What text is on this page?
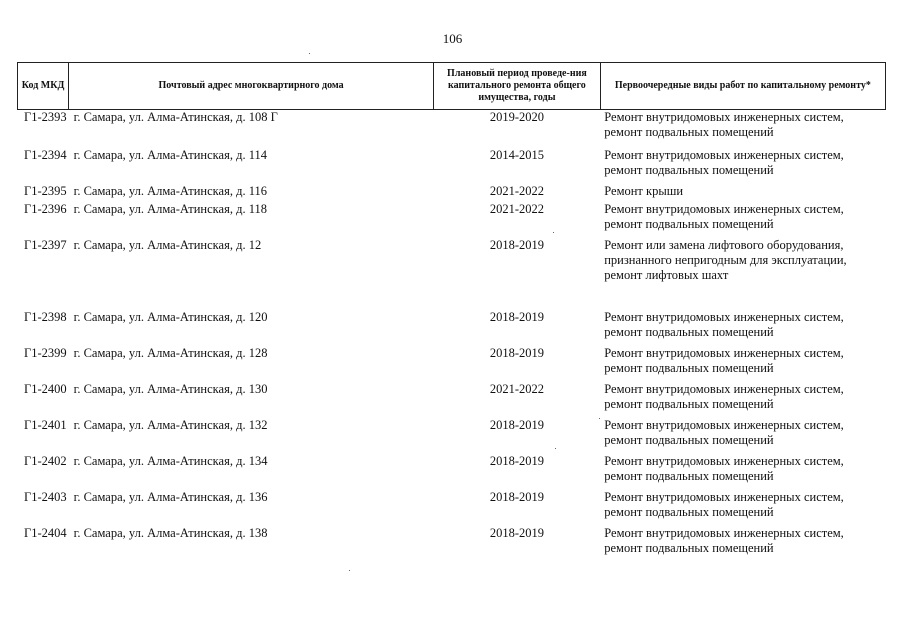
106
Код МКД	Почтовый адрес многоквартирного дома	Плановый период проведе-ния капитального ремонта общего имущества, годы	Первоочередные виды работ по капитальному ремонту*
Г1-2393	г. Самара, ул. Алма-Атинская, д. 108 Г	2019-2020	Ремонт внутридомовых инженерных систем, ремонт подвальных помещений
Г1-2394	г. Самара, ул. Алма-Атинская, д. 114	2014-2015	Ремонт внутридомовых инженерных систем, ремонт подвальных помещений
Г1-2395	г. Самара, ул. Алма-Атинская, д. 116	2021-2022	Ремонт крыши
Г1-2396	г. Самара, ул. Алма-Атинская, д. 118	2021-2022	Ремонт внутридомовых инженерных систем, ремонт подвальных помещений
Г1-2397	г. Самара, ул. Алма-Атинская, д. 12	2018-2019	Ремонт или замена лифтового оборудования, признанного непригодным для эксплуатации, ремонт лифтовых шахт
Г1-2398	г. Самара, ул. Алма-Атинская, д. 120	2018-2019	Ремонт внутридомовых инженерных систем, ремонт подвальных помещений
Г1-2399	г. Самара, ул. Алма-Атинская, д. 128	2018-2019	Ремонт внутридомовых инженерных систем, ремонт подвальных помещений
Г1-2400	г. Самара, ул. Алма-Атинская, д. 130	2021-2022	Ремонт внутридомовых инженерных систем, ремонт подвальных помещений
Г1-2401	г. Самара, ул. Алма-Атинская, д. 132	2018-2019	Ремонт внутридомовых инженерных систем, ремонт подвальных помещений
Г1-2402	г. Самара, ул. Алма-Атинская, д. 134	2018-2019	Ремонт внутридомовых инженерных систем, ремонт подвальных помещений
Г1-2403	г. Самара, ул. Алма-Атинская, д. 136	2018-2019	Ремонт внутридомовых инженерных систем, ремонт подвальных помещений
Г1-2404	г. Самара, ул. Алма-Атинская, д. 138	2018-2019	Ремонт внутридомовых инженерных систем, ремонт подвальных помещений
